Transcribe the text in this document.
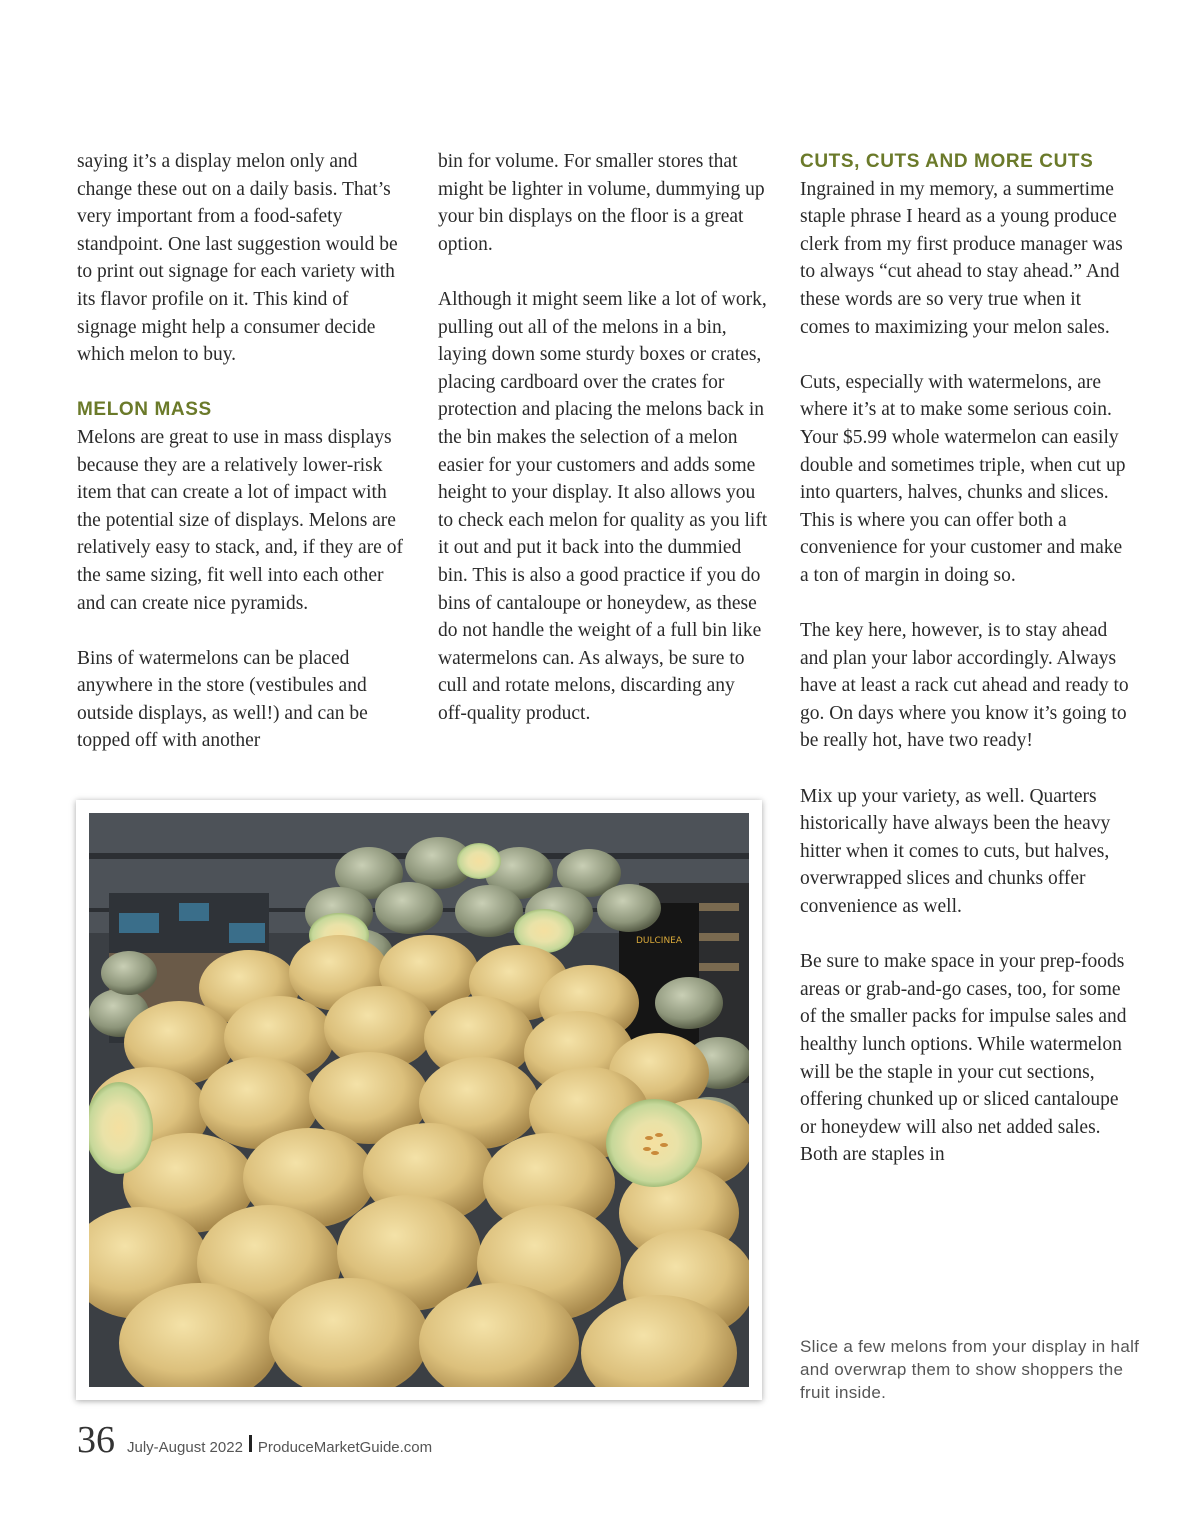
saying it’s a display melon only and change these out on a daily basis. That’s very important from a food-safety standpoint. One last suggestion would be to print out signage for each variety with its flavor profile on it. This kind of signage might help a consumer decide which melon to buy.

MELON MASS

Melons are great to use in mass displays because they are a relatively lower-risk item that can create a lot of impact with the potential size of displays. Melons are relatively easy to stack, and, if they are of the same sizing, fit well into each other and can create nice pyramids.

Bins of watermelons can be placed anywhere in the store (vestibules and outside displays, as well!) and can be topped off with another

bin for volume. For smaller stores that might be lighter in volume, dummying up your bin displays on the floor is a great option.

Although it might seem like a lot of work, pulling out all of the melons in a bin, laying down some sturdy boxes or crates, placing cardboard over the crates for protection and placing the melons back in the bin makes the selection of a melon easier for your customers and adds some height to your display. It also allows you to check each melon for quality as you lift it out and put it back into the dummied bin. This is also a good practice if you do bins of cantaloupe or honeydew, as these do not handle the weight of a full bin like watermelons can. As always, be sure to cull and rotate melons, discarding any off-quality product.

CUTS, CUTS AND MORE CUTS

Ingrained in my memory, a summertime staple phrase I heard as a young produce clerk from my first produce manager was to always “cut ahead to stay ahead.” And these words are so very true when it comes to maximizing your melon sales.

Cuts, especially with watermelons, are where it’s at to make some serious coin. Your $5.99 whole watermelon can easily double and sometimes triple, when cut up into quarters, halves, chunks and slices. This is where you can offer both a convenience for your customer and make a ton of margin in doing so.

The key here, however, is to stay ahead and plan your labor accordingly. Always have at least a rack cut ahead and ready to go. On days where you know it’s going to be really hot, have two ready!

Mix up your variety, as well. Quarters historically have always been the heavy hitter when it comes to cuts, but halves, overwrapped slices and chunks offer convenience as well.

Be sure to make space in your prep-foods areas or grab-and-go cases, too, for some of the smaller packs for impulse sales and healthy lunch options. While watermelon will be the staple in your cut sections, offering chunked up or sliced cantaloupe or honeydew will also net added sales. Both are staples in

DULCINEA
Slice a few melons from your display in half and overwrap them to show shoppers the fruit inside.
36 July-August 2022 ProduceMarketGuide.com
